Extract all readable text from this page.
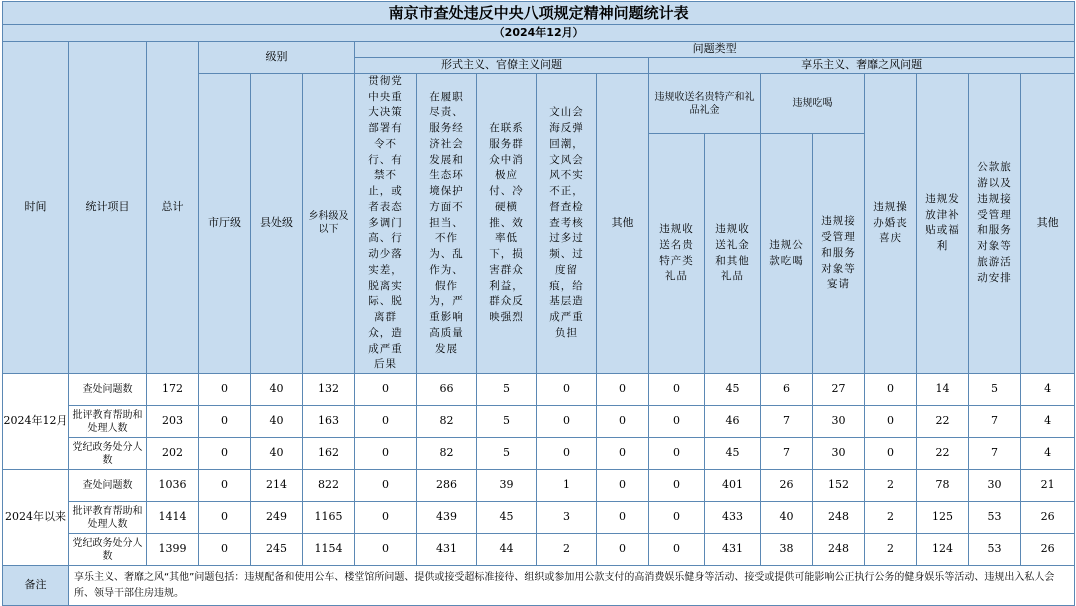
南京市查处违反中央八项规定精神问题统计表																		
（2024年12月）																		
时间	统计项目	总计	级别			问题类型												
						形式主义、官僚主义问题					享乐主义、奢靡之风问题							
			市厅级	县处级	乡科级及以下	贯彻党中央重大决策部署有令不行、有禁不止，或者表态多调门高、行动少落实差，脱离实际、脱离群众，造成严重后果	在履职尽责、服务经济社会发展和生态环境保护方面不担当、不作为、乱作为、假作为，严重影响高质量发展	在联系服务群众中消极应付、冷硬横推、效率低下，损害群众利益，群众反映强烈	文山会海反弹回潮，文风会风不实不正，督查检查考核过多过频、过度留痕，给基层造成严重负担	其他	违规收送名贵特产和礼品礼金		违规吃喝		违规操办婚丧喜庆	违规发放津补贴或福利	公款旅游以及违规接受管理和服务对象等旅游活动安排	其他
											违规收送名贵特产类礼品	违规收送礼金和其他礼品	违规公款吃喝	违规接受管理和服务对象等宴请				
2024年12月	查处问题数	172	0	40	132	0	66	5	0	0	0	45	6	27	0	14	5	4
	批评教育帮助和处理人数	203	0	40	163	0	82	5	0	0	0	46	7	30	0	22	7	4
	党纪政务处分人数	202	0	40	162	0	82	5	0	0	0	45	7	30	0	22	7	4
2024年以来	查处问题数	1036	0	214	822	0	286	39	1	0	0	401	26	152	2	78	30	21
	批评教育帮助和处理人数	1414	0	249	1165	0	439	45	3	0	0	433	40	248	2	125	53	26
	党纪政务处分人数	1399	0	245	1154	0	431	44	2	0	0	431	38	248	2	124	53	26
备注	享乐主义、奢靡之风“其他”问题包括：违规配备和使用公车、楼堂馆所问题、提供或接受超标准接待、组织或参加用公款支付的高消费娱乐健身等活动、接受或提供可能影响公正执行公务的健身娱乐等活动、违规出入私人会所、领导干部住房违规。																	
